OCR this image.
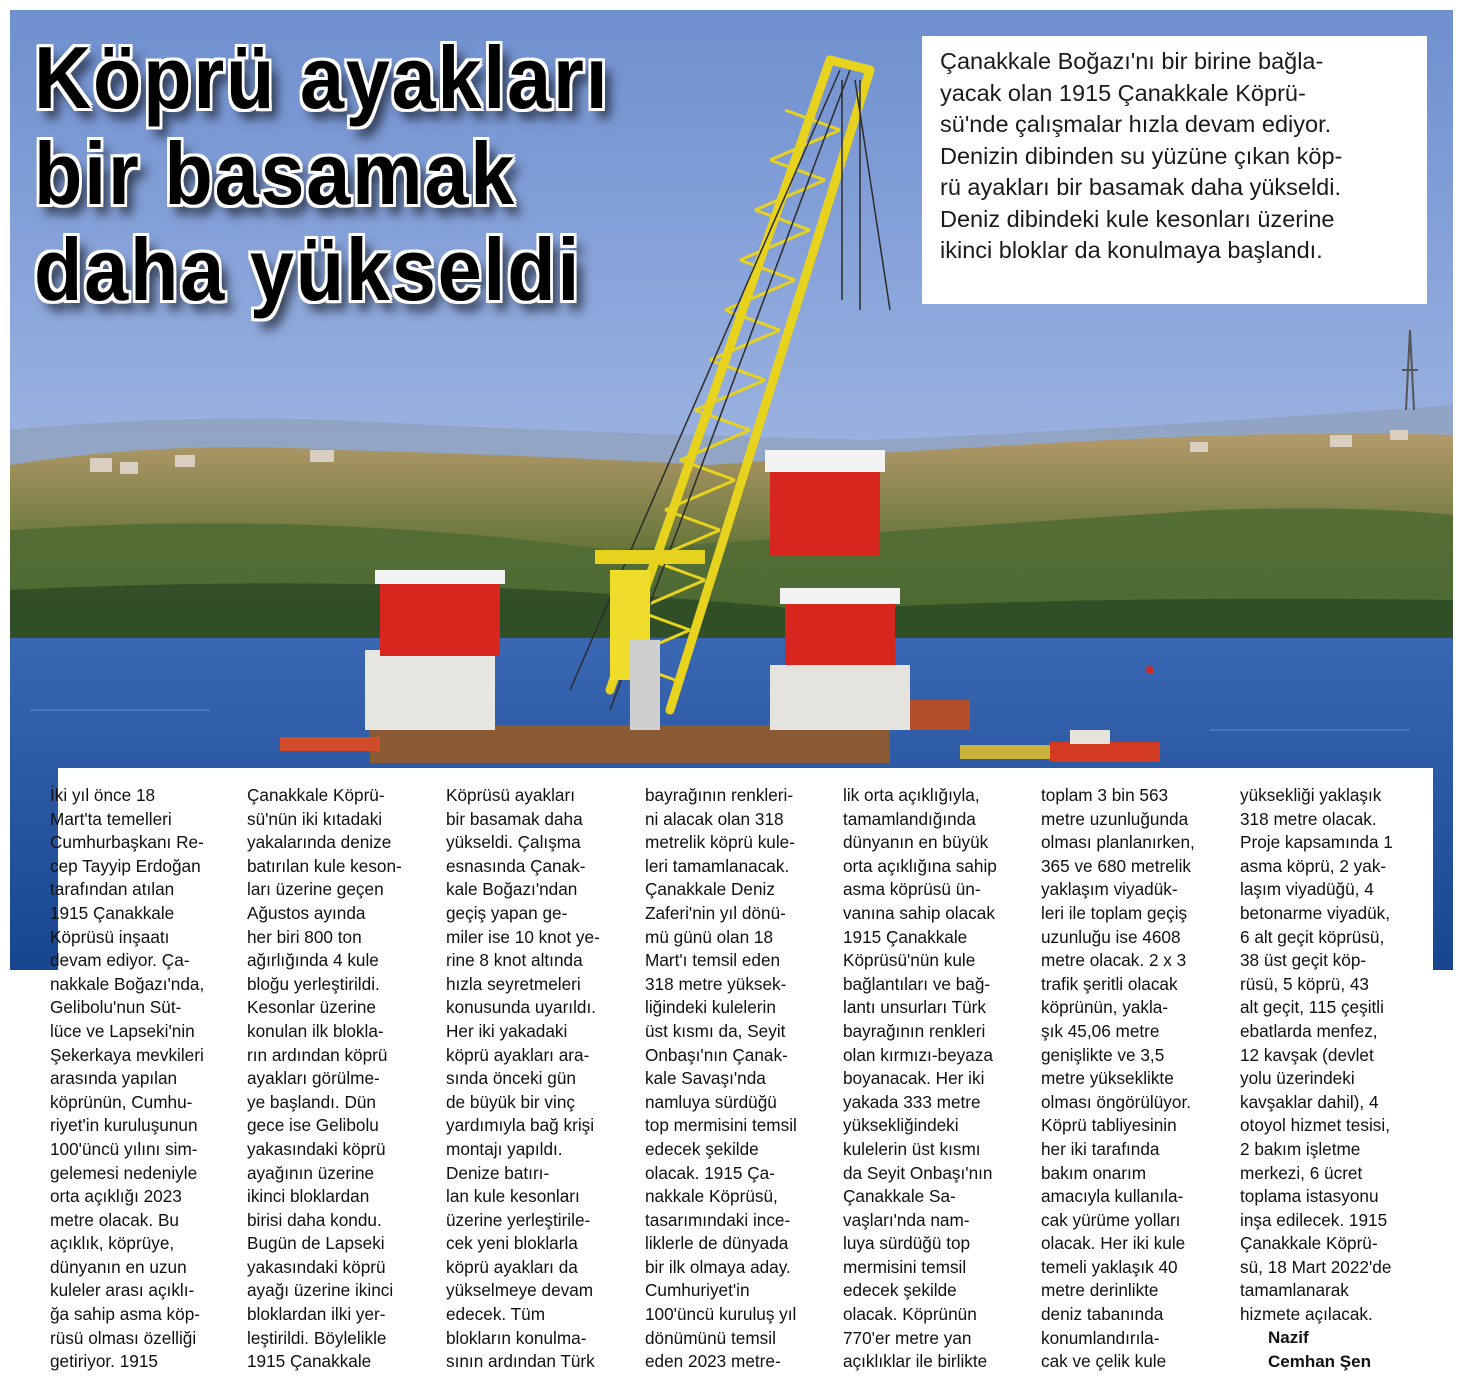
Köprü ayakları
bir basamak
daha yükseldi

Çanakkale Boğazı'nı bir birine bağla-
yacak olan 1915 Çanakkale Köprü-
sü'nde çalışmalar hızla devam ediyor.
Denizin dibinden su yüzüne çıkan köp-
rü ayakları bir basamak daha yükseldi.
Deniz dibindeki kule kesonları üzerine
ikinci bloklar da konulmaya başlandı.

İki yıl önce 18
Mart'ta temelleri
Cumhurbaşkanı Re-
cep Tayyip Erdoğan
tarafından atılan
1915 Çanakkale
Köprüsü inşaatı
devam ediyor. Ça-
nakkale Boğazı'nda,
Gelibolu'nun Süt-
lüce ve Lapseki'nin
Şekerkaya mevkileri
arasında yapılan
köprünün, Cumhu-
riyet'in kuruluşunun
100'üncü yılını sim-
gelemesi nedeniyle
orta açıklığı 2023
metre olacak. Bu
açıklık, köprüye,
dünyanın en uzun
kuleler arası açıklı-
ğa sahip asma köp-
rüsü olması özelliği
getiriyor. 1915
Çanakkale Köprü-
sü'nün iki kıtadaki
yakalarında denize
batırılan kule keson-
ları üzerine geçen
Ağustos ayında
her biri 800 ton
ağırlığında 4 kule
bloğu yerleştirildi.
Kesonlar üzerine
konulan ilk blokla-
rın ardından köprü
ayakları görülme-
ye başlandı. Dün
gece ise Gelibolu
yakasındaki köprü
ayağının üzerine
ikinci bloklardan
birisi daha kondu.
Bugün de Lapseki
yakasındaki köprü
ayağı üzerine ikinci
bloklardan ilki yer-
leştirildi. Böylelikle
1915 Çanakkale
Köprüsü ayakları
bir basamak daha
yükseldi. Çalışma
esnasında Çanak-
kale Boğazı'ndan
geçiş yapan ge-
miler ise 10 knot ye-
rine 8 knot altında
hızla seyretmeleri
konusunda uyarıldı.
Her iki yakadaki
köprü ayakları ara-
sında önceki gün
de büyük bir vinç
yardımıyla bağ krişi
montajı yapıldı.
Denize batırı-
lan kule kesonları
üzerine yerleştirile-
cek yeni bloklarla
köprü ayakları da
yükselmeye devam
edecek. Tüm
blokların konulma-
sının ardından Türk
bayrağının renkleri-
ni alacak olan 318
metrelik köprü kule-
leri tamamlanacak.
Çanakkale Deniz
Zaferi'nin yıl dönü-
mü günü olan 18
Mart'ı temsil eden
318 metre yüksek-
liğindeki kulelerin
üst kısmı da, Seyit
Onbaşı'nın Çanak-
kale Savaşı'nda
namluya sürdüğü
top mermisini temsil
edecek şekilde
olacak. 1915 Ça-
nakkale Köprüsü,
tasarımındaki ince-
liklerle de dünyada
bir ilk olmaya aday.
Cumhuriyet'in
100'üncü kuruluş yıl
dönümünü temsil
eden 2023 metre-
lik orta açıklığıyla,
tamamlandığında
dünyanın en büyük
orta açıklığına sahip
asma köprüsü ün-
vanına sahip olacak
1915 Çanakkale
Köprüsü'nün kule
bağlantıları ve bağ-
lantı unsurları Türk
bayrağının renkleri
olan kırmızı-beyaza
boyanacak. Her iki
yakada 333 metre
yüksekliğindeki
kulelerin üst kısmı
da Seyit Onbaşı'nın
Çanakkale Sa-
vaşları'nda nam-
luya sürdüğü top
mermisini temsil
edecek şekilde
olacak. Köprünün
770'er metre yan
açıklıklar ile birlikte
toplam 3 bin 563
metre uzunluğunda
olması planlanırken,
365 ve 680 metrelik
yaklaşım viyadük-
leri ile toplam geçiş
uzunluğu ise 4608
metre olacak. 2 x 3
trafik şeritli olacak
köprünün, yakla-
şık 45,06 metre
genişlikte ve 3,5
metre yükseklikte
olması öngörülüyor.
Köprü tabliyesinin
her iki tarafında
bakım onarım
amacıyla kullanıla-
cak yürüme yolları
olacak. Her iki kule
temeli yaklaşık 40
metre derinlikte
deniz tabanında
konumlandırıla-
cak ve çelik kule
yüksekliği yaklaşık
318 metre olacak.
Proje kapsamında 1
asma köprü, 2 yak-
laşım viyadüğü, 4
betonarme viyadük,
6 alt geçit köprüsü,
38 üst geçit köp-
rüsü, 5 köprü, 43
alt geçit, 115 çeşitli
ebatlarda menfez,
12 kavşak (devlet
yolu üzerindeki
kavşaklar dahil), 4
otoyol hizmet tesisi,
2 bakım işletme
merkezi, 6 ücret
toplama istasyonu
inşa edilecek. 1915
Çanakkale Köprü-
sü, 18 Mart 2022'de
tamamlanarak
hizmete açılacak.
Nazif
Cemhan Şen
